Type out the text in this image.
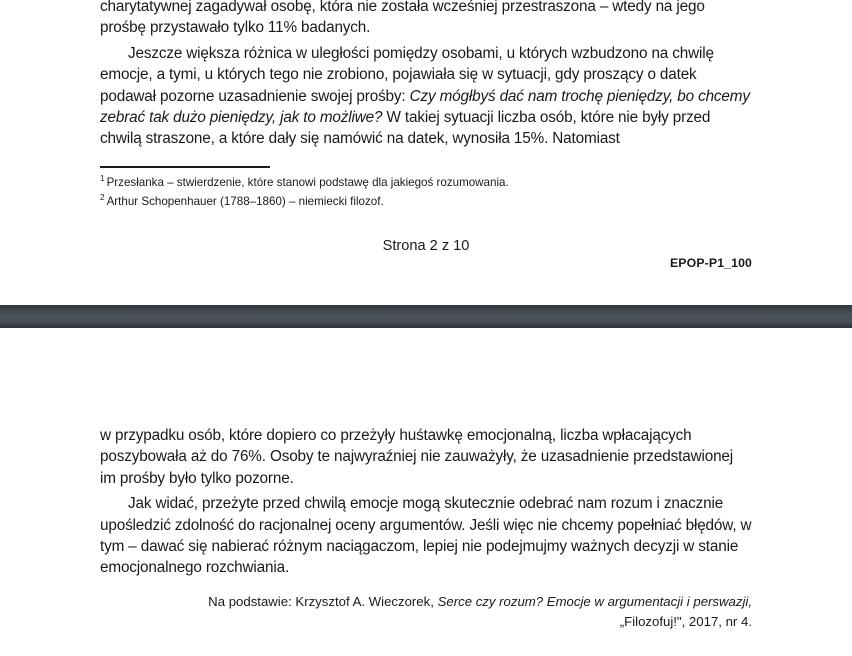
charytatywnej zagadywał osobę, która nie została wcześniej przestraszona – wtedy na jego prośbę przystawało tylko 11% badanych.

Jeszcze większa różnica w uległości pomiędzy osobami, u których wzbudzono na chwilę emocje, a tymi, u których tego nie zrobiono, pojawiała się w sytuacji, gdy proszący o datek podawał pozorne uzasadnienie swojej prośby: Czy mógłbyś dać nam trochę pieniędzy, bo chcemy zebrać tak dużo pieniędzy, jak to możliwe? W takiej sytuacji liczba osób, które nie były przed chwilą straszone, a które dały się namówić na datek, wynosiła 15%. Natomiast

$^1$ Przesłanka – stwierdzenie, które stanowi podstawę dla jakiegoś rozumowania.

$^2$ Arthur Schopenhauer (1788–1860) – niemiecki filozof.

Strona 2 z 10
EPOP-P1_100

w przypadku osób, które dopiero co przeżyły huśtawkę emocjonalną, liczba wpłacających poszybowała aż do 76%. Osoby te najwyraźniej nie zauważyły, że uzasadnienie przedstawionej im prośby było tylko pozorne.

Jak widać, przeżyte przed chwilą emocje mogą skutecznie odebrać nam rozum i znacznie upośledzić zdolność do racjonalnej oceny argumentów. Jeśli więc nie chcemy popełniać błędów, w tym – dawać się nabierać różnym naciągaczom, lepiej nie podejmujmy ważnych decyzji w stanie emocjonalnego rozchwiania.

Na podstawie: Krzysztof A. Wieczorek, Serce czy rozum? Emocje w argumentacji i perswazji,
„Filozofuj!", 2017, nr 4.
